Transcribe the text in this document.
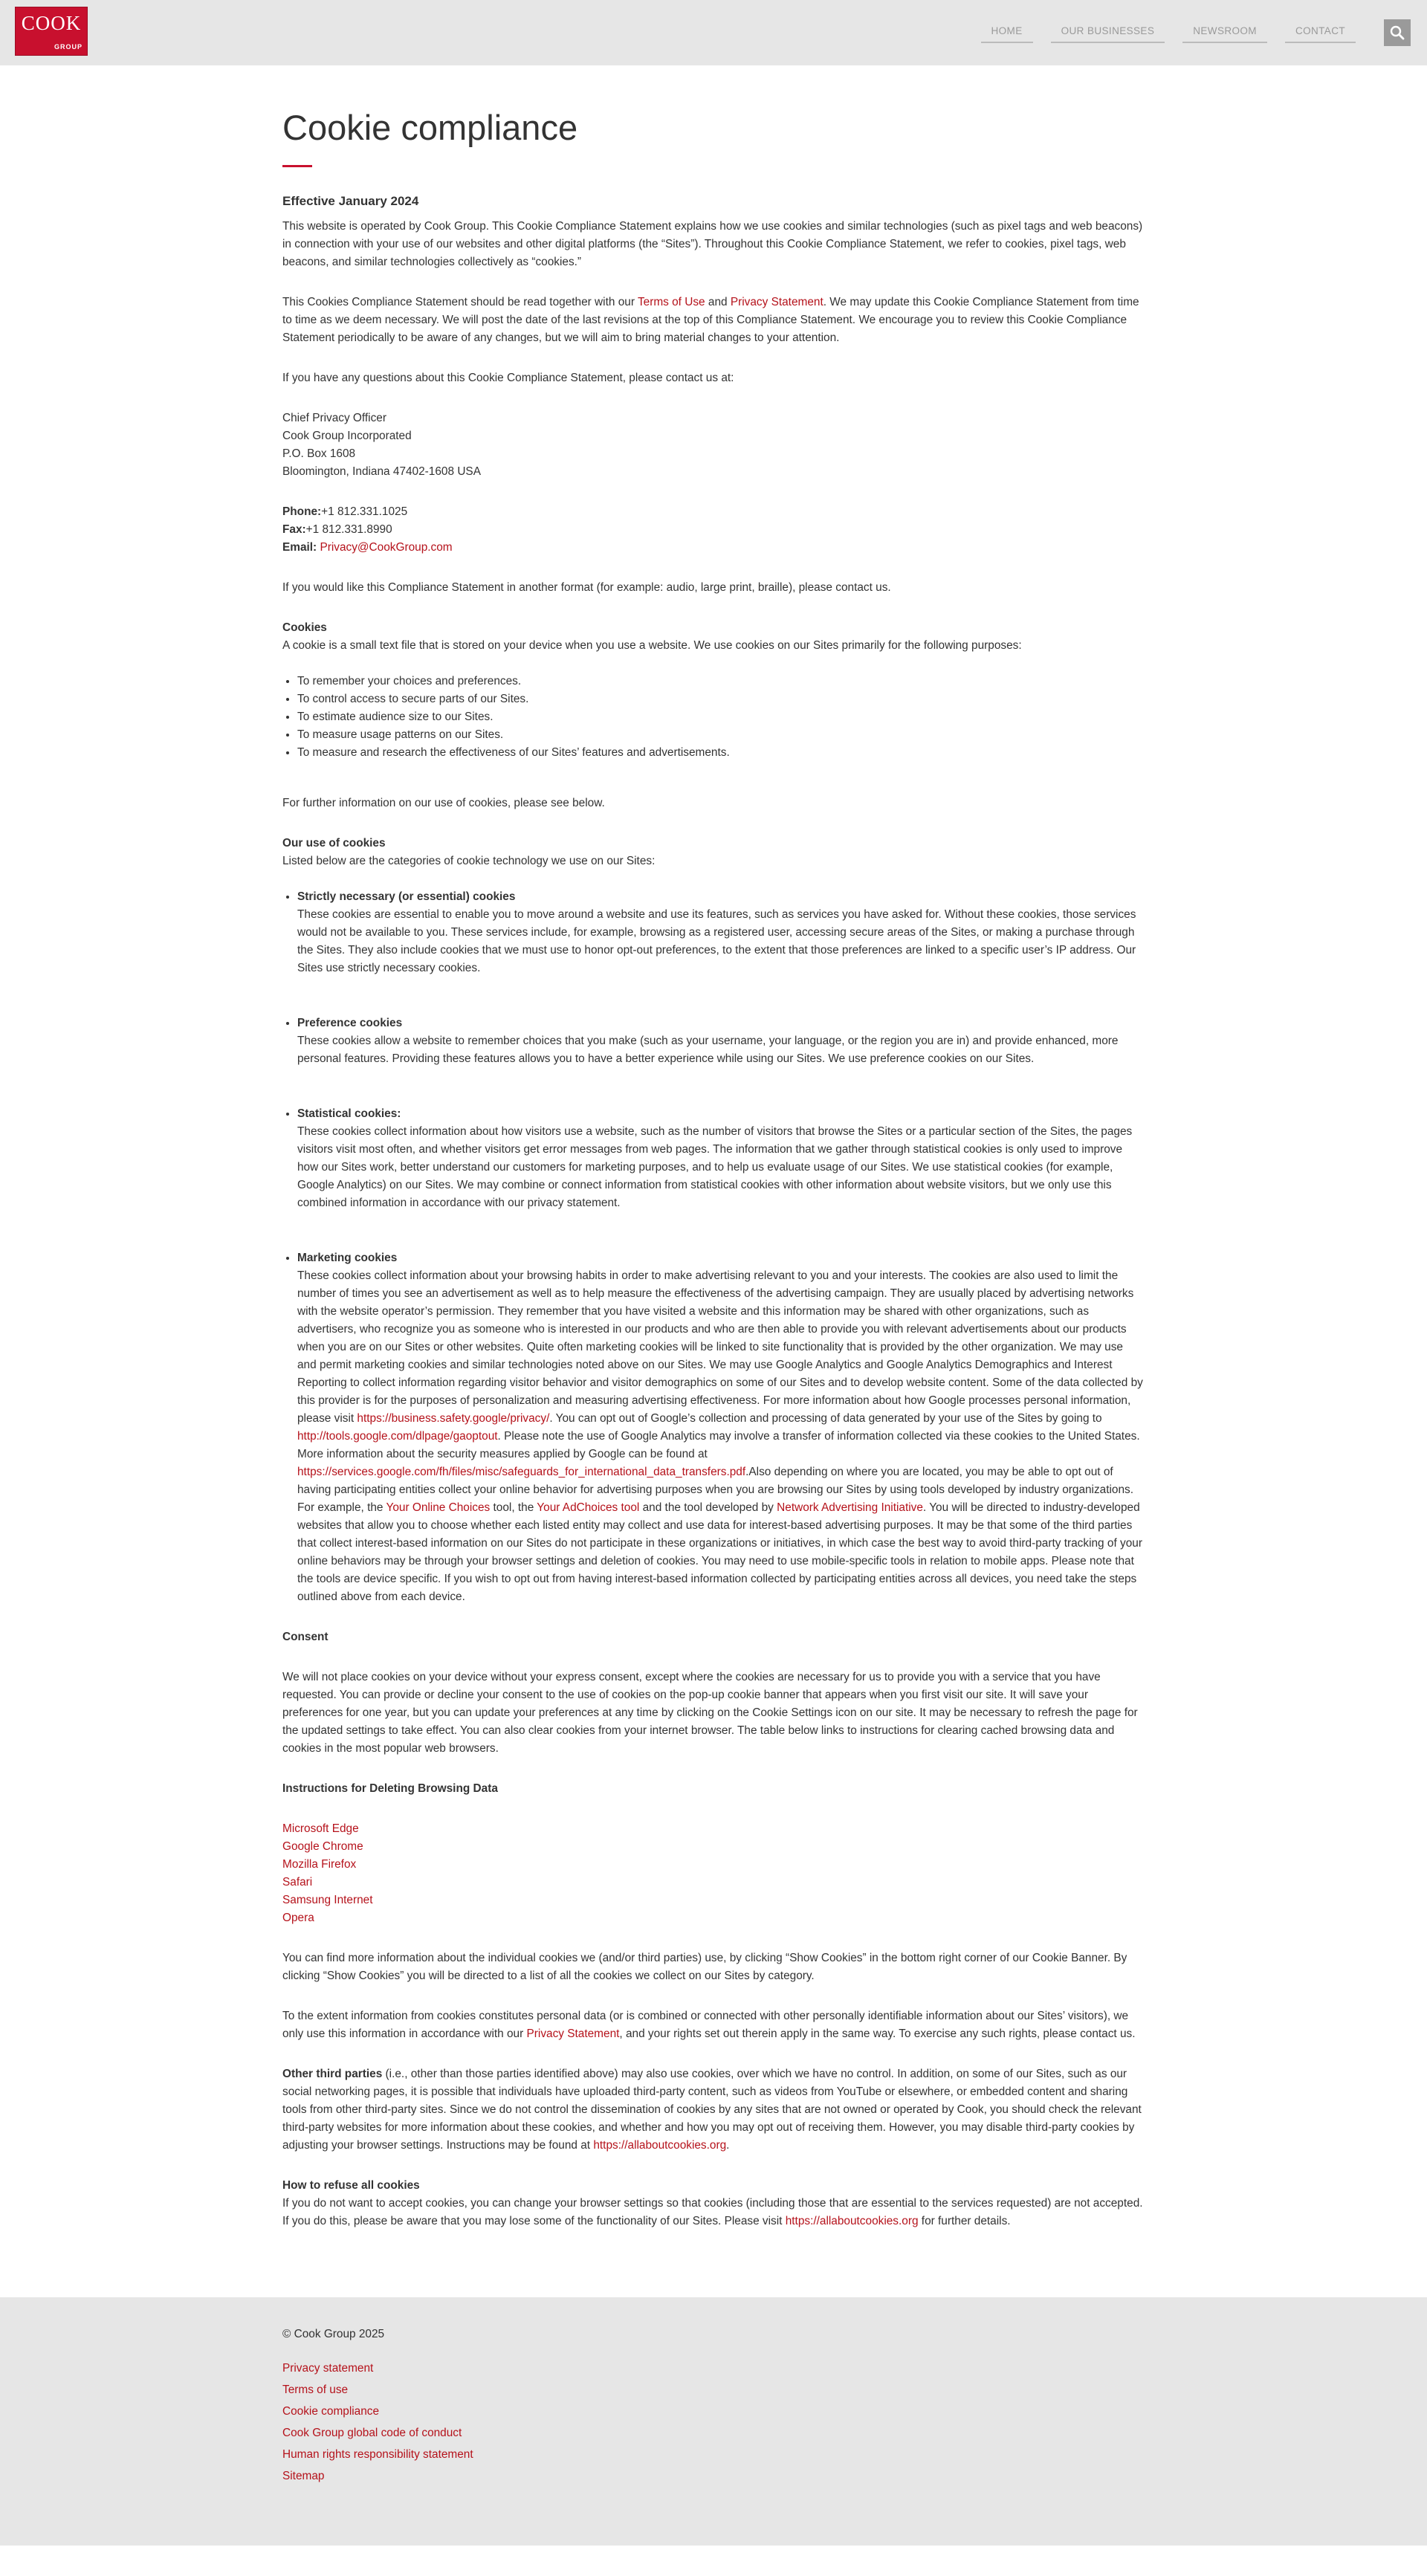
COOK
GROUP
HOME	OUR BUSINESSES	NEWSROOM	CONTACT
Cookie compliance
Effective January 2024

This website is operated by Cook Group. This Cookie Compliance Statement explains how we use cookies and similar technologies (such as pixel tags and web beacons) in connection with your use of our websites and other digital platforms (the “Sites”). Throughout this Cookie Compliance Statement, we refer to cookies, pixel tags, web beacons, and similar technologies collectively as “cookies.”

This Cookies Compliance Statement should be read together with our Terms of Use and Privacy Statement. We may update this Cookie Compliance Statement from time to time as we deem necessary. We will post the date of the last revisions at the top of this Compliance Statement. We encourage you to review this Cookie Compliance Statement periodically to be aware of any changes, but we will aim to bring material changes to your attention.

If you have any questions about this Cookie Compliance Statement, please contact us at:

Chief Privacy Officer
Cook Group Incorporated
P.O. Box 1608
Bloomington, Indiana 47402-1608 USA
Phone:+1 812.331.1025
Fax:+1 812.331.8990
Email: Privacy@CookGroup.com

If you would like this Compliance Statement in another format (for example: audio, large print, braille), please contact us.

Cookies
A cookie is a small text file that is stored on your device when you use a website. We use cookies on our Sites primarily for the following purposes:
• To remember your choices and preferences.
• To control access to secure parts of our Sites.
• To estimate audience size to our Sites.
• To measure usage patterns on our Sites.
• To measure and research the effectiveness of our Sites’ features and advertisements.

For further information on our use of cookies, please see below.

Our use of cookies
Listed below are the categories of cookie technology we use on our Sites:
• Strictly necessary (or essential) cookies
These cookies are essential to enable you to move around a website and use its features, such as services you have asked for. Without these cookies, those services would not be available to you. These services include, for example, browsing as a registered user, accessing secure areas of the Sites, or making a purchase through the Sites. They also include cookies that we must use to honor opt-out preferences, to the extent that those preferences are linked to a specific user’s IP address. Our Sites use strictly necessary cookies.
• Preference cookies
These cookies allow a website to remember choices that you make (such as your username, your language, or the region you are in) and provide enhanced, more personal features. Providing these features allows you to have a better experience while using our Sites. We use preference cookies on our Sites.
• Statistical cookies:
These cookies collect information about how visitors use a website, such as the number of visitors that browse the Sites or a particular section of the Sites, the pages visitors visit most often, and whether visitors get error messages from web pages. The information that we gather through statistical cookies is only used to improve how our Sites work, better understand our customers for marketing purposes, and to help us evaluate usage of our Sites. We use statistical cookies (for example, Google Analytics) on our Sites. We may combine or connect information from statistical cookies with other information about website visitors, but we only use this combined information in accordance with our privacy statement.
• Marketing cookies
These cookies collect information about your browsing habits in order to make advertising relevant to you and your interests. The cookies are also used to limit the number of times you see an advertisement as well as to help measure the effectiveness of the advertising campaign. They are usually placed by advertising networks with the website operator’s permission. They remember that you have visited a website and this information may be shared with other organizations, such as advertisers, who recognize you as someone who is interested in our products and who are then able to provide you with relevant advertisements about our products when you are on our Sites or other websites. Quite often marketing cookies will be linked to site functionality that is provided by the other organization. We may use and permit marketing cookies and similar technologies noted above on our Sites. We may use Google Analytics and Google Analytics Demographics and Interest Reporting to collect information regarding visitor behavior and visitor demographics on some of our Sites and to develop website content. Some of the data collected by this provider is for the purposes of personalization and measuring advertising effectiveness. For more information about how Google processes personal information, please visit https://business.safety.google/privacy/. You can opt out of Google’s collection and processing of data generated by your use of the Sites by going to http://tools.google.com/dlpage/gaoptout. Please note the use of Google Analytics may involve a transfer of information collected via these cookies to the United States. More information about the security measures applied by Google can be found at https://services.google.com/fh/files/misc/safeguards_for_international_data_transfers.pdf.Also depending on where you are located, you may be able to opt out of having participating entities collect your online behavior for advertising purposes when you are browsing our Sites by using tools developed by industry organizations. For example, the Your Online Choices tool, the Your AdChoices tool and the tool developed by Network Advertising Initiative. You will be directed to industry-developed websites that allow you to choose whether each listed entity may collect and use data for interest-based advertising purposes. It may be that some of the third parties that collect interest-based information on our Sites do not participate in these organizations or initiatives, in which case the best way to avoid third-party tracking of your online behaviors may be through your browser settings and deletion of cookies. You may need to use mobile-specific tools in relation to mobile apps. Please note that the tools are device specific. If you wish to opt out from having interest-based information collected by participating entities across all devices, you need take the steps outlined above from each device.

Consent

We will not place cookies on your device without your express consent, except where the cookies are necessary for us to provide you with a service that you have requested. You can provide or decline your consent to the use of cookies on the pop-up cookie banner that appears when you first visit our site. It will save your preferences for one year, but you can update your preferences at any time by clicking on the Cookie Settings icon on our site. It may be necessary to refresh the page for the updated settings to take effect. You can also clear cookies from your internet browser. The table below links to instructions for clearing cached browsing data and cookies in the most popular web browsers.

Instructions for Deleting Browsing Data

Microsoft Edge
Google Chrome
Mozilla Firefox
Safari
Samsung Internet
Opera

You can find more information about the individual cookies we (and/or third parties) use, by clicking “Show Cookies” in the bottom right corner of our Cookie Banner. By clicking “Show Cookies” you will be directed to a list of all the cookies we collect on our Sites by category.

To the extent information from cookies constitutes personal data (or is combined or connected with other personally identifiable information about our Sites’ visitors), we only use this information in accordance with our Privacy Statement, and your rights set out therein apply in the same way. To exercise any such rights, please contact us.

Other third parties (i.e., other than those parties identified above) may also use cookies, over which we have no control. In addition, on some of our Sites, such as our social networking pages, it is possible that individuals have uploaded third-party content, such as videos from YouTube or elsewhere, or embedded content and sharing tools from other third-party sites. Since we do not control the dissemination of cookies by any sites that are not owned or operated by Cook, you should check the relevant third-party websites for more information about these cookies, and whether and how you may opt out of receiving them. However, you may disable third-party cookies by adjusting your browser settings. Instructions may be found at https://allaboutcookies.org.

How to refuse all cookies
If you do not want to accept cookies, you can change your browser settings so that cookies (including those that are essential to the services requested) are not accepted. If you do this, please be aware that you may lose some of the functionality of our Sites. Please visit https://allaboutcookies.org for further details.
© Cook Group 2025
Privacy statement
Terms of use
Cookie compliance
Cook Group global code of conduct
Human rights responsibility statement
Sitemap
